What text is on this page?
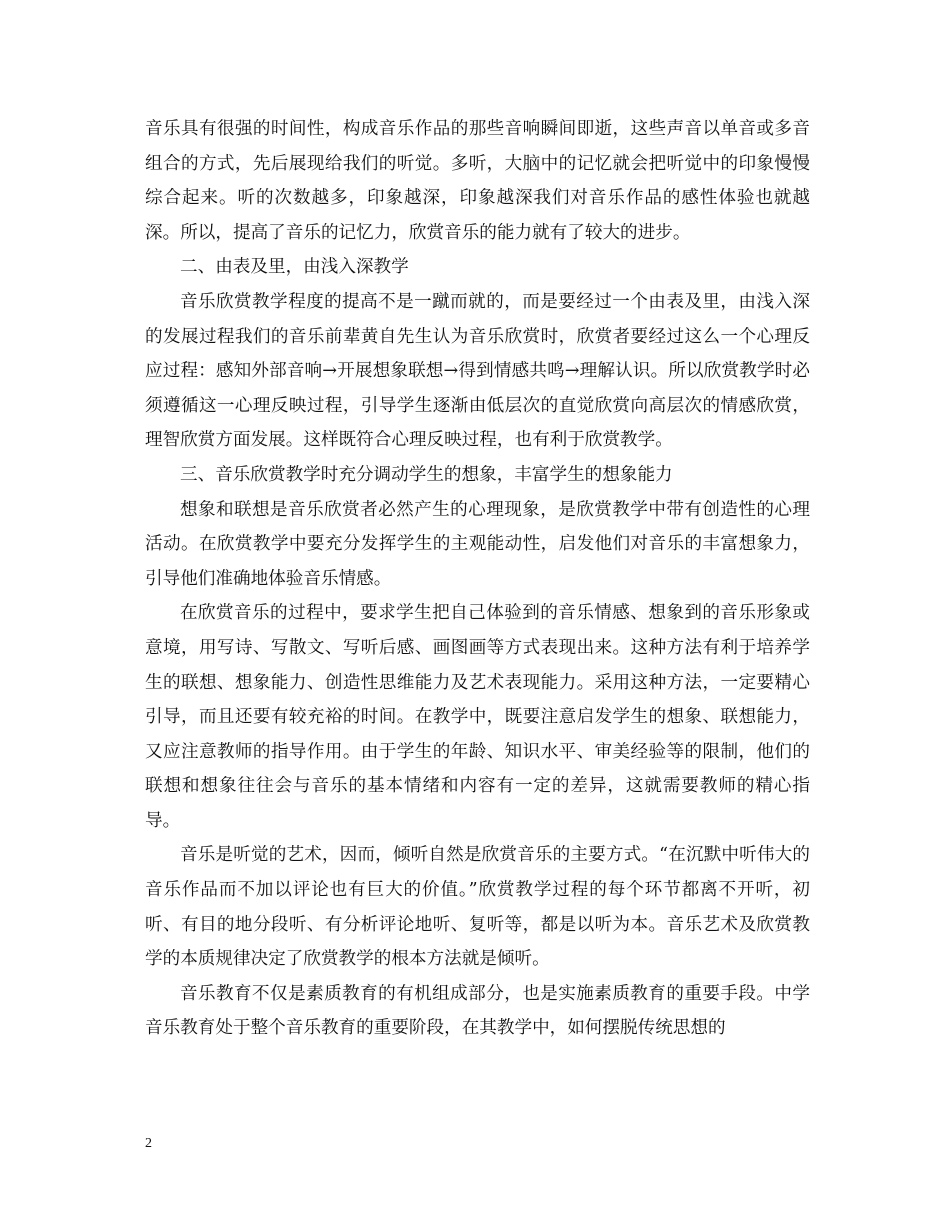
音乐具有很强的时间性，构成音乐作品的那些音响瞬间即逝，这些声音以单音或多音组合的方式，先后展现给我们的听觉。多听，大脑中的记忆就会把听觉中的印象慢慢综合起来。听的次数越多，印象越深，印象越深我们对音乐作品的感性体验也就越深。所以，提高了音乐的记忆力，欣赏音乐的能力就有了较大的进步。

二、由表及里，由浅入深教学

音乐欣赏教学程度的提高不是一蹴而就的，而是要经过一个由表及里，由浅入深的发展过程我们的音乐前辈黄自先生认为音乐欣赏时，欣赏者要经过这么一个心理反应过程：感知外部音响→开展想象联想→得到情感共鸣→理解认识。所以欣赏教学时必须遵循这一心理反映过程，引导学生逐渐由低层次的直觉欣赏向高层次的情感欣赏，理智欣赏方面发展。这样既符合心理反映过程，也有利于欣赏教学。

三、音乐欣赏教学时充分调动学生的想象，丰富学生的想象能力

想象和联想是音乐欣赏者必然产生的心理现象，是欣赏教学中带有创造性的心理活动。在欣赏教学中要充分发挥学生的主观能动性，启发他们对音乐的丰富想象力，引导他们准确地体验音乐情感。

在欣赏音乐的过程中，要求学生把自己体验到的音乐情感、想象到的音乐形象或意境，用写诗、写散文、写听后感、画图画等方式表现出来。这种方法有利于培养学生的联想、想象能力、创造性思维能力及艺术表现能力。采用这种方法，一定要精心引导，而且还要有较充裕的时间。在教学中，既要注意启发学生的想象、联想能力，又应注意教师的指导作用。由于学生的年龄、知识水平、审美经验等的限制，他们的联想和想象往往会与音乐的基本情绪和内容有一定的差异，这就需要教师的精心指导。

音乐是听觉的艺术，因而，倾听自然是欣赏音乐的主要方式。“在沉默中听伟大的音乐作品而不加以评论也有巨大的价值。”欣赏教学过程的每个环节都离不开听，初听、有目的地分段听、有分析评论地听、复听等，都是以听为本。音乐艺术及欣赏教学的本质规律决定了欣赏教学的根本方法就是倾听。

音乐教育不仅是素质教育的有机组成部分，也是实施素质教育的重要手段。中学音乐教育处于整个音乐教育的重要阶段，在其教学中，如何摆脱传统思想的

2
